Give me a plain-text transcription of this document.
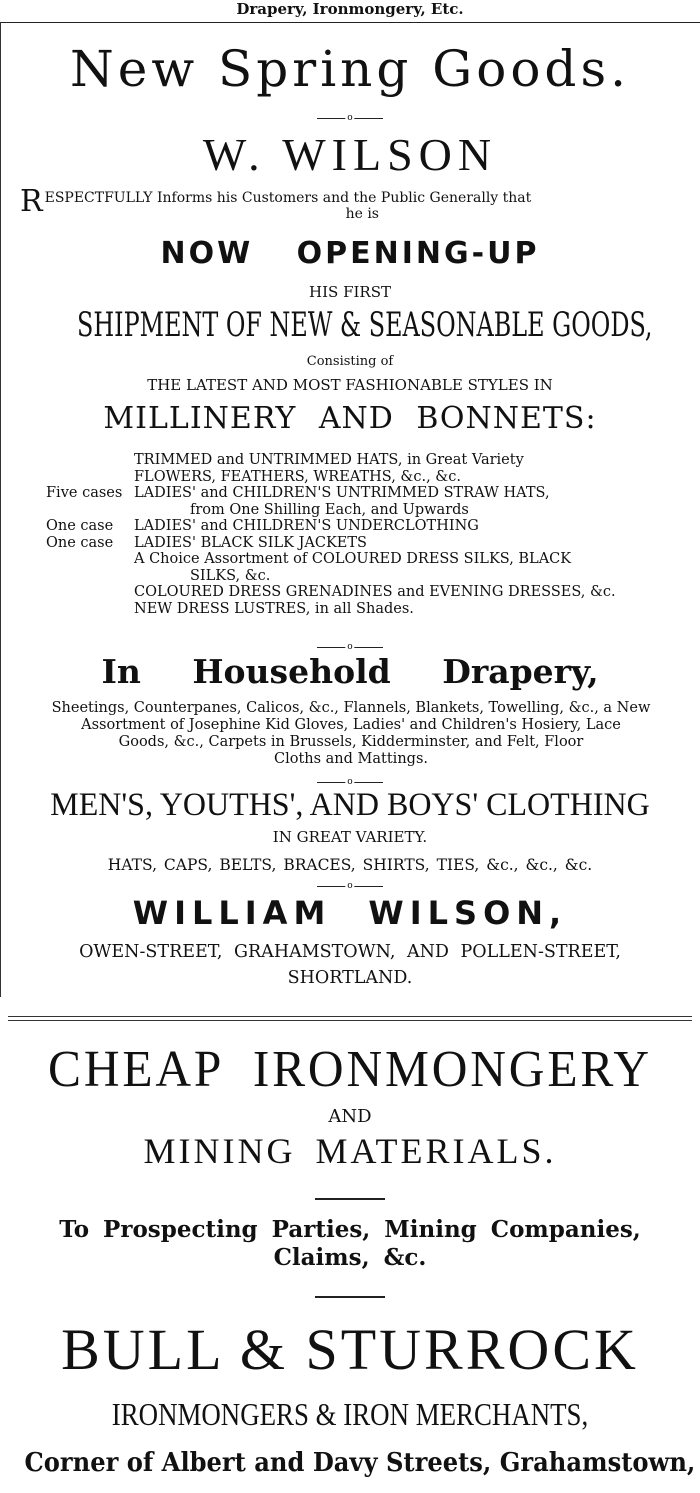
Drapery, Ironmongery, Etc.
New Spring Goods.
o
W. WILSON
R ESPECTFULLY Informs his Customers and the Public Generally that
he is
NOW OPENING-UP
HIS FIRST
SHIPMENT OF NEW & SEASONABLE GOODS,
Consisting of
THE LATEST AND MOST FASHIONABLE STYLES IN
MILLINERY AND BONNETS:
TRIMMED and UNTRIMMED HATS, in Great Variety
FLOWERS, FEATHERS, WREATHS, &c., &c.
Five cases LADIES' and CHILDREN'S UNTRIMMED STRAW HATS,
from One Shilling Each, and Upwards
One case	LADIES' and CHILDREN'S UNDERCLOTHING
One case	LADIES' BLACK SILK JACKETS
A Choice Assortment of COLOURED DRESS SILKS, BLACK
SILKS, &c.
COLOURED DRESS GRENADINES and EVENING DRESSES, &c.
NEW DRESS LUSTRES, in all Shades.
o
In Household Drapery,
Sheetings, Counterpanes, Calicos, &c., Flannels, Blankets, Towelling, &c., a New
Assortment of Josephine Kid Gloves, Ladies' and Children's Hosiery, Lace
Goods, &c., Carpets in Brussels, Kidderminster, and Felt, Floor
Cloths and Mattings.
o
MEN'S, YOUTHS', AND BOYS' CLOTHING
IN GREAT VARIETY.
HATS, CAPS, BELTS, BRACES, SHIRTS, TIES, &c., &c., &c.
o
WILLIAM WILSON,
OWEN-STREET, GRAHAMSTOWN, AND POLLEN-STREET,
SHORTLAND.
CHEAP IRONMONGERY
AND
MINING MATERIALS.
To Prospecting Parties, Mining Companies,
Claims, &c.
BULL & STURROCK
IRONMONGERS & IRON MERCHANTS,
Corner of Albert and Davy Streets, Grahamstown,
